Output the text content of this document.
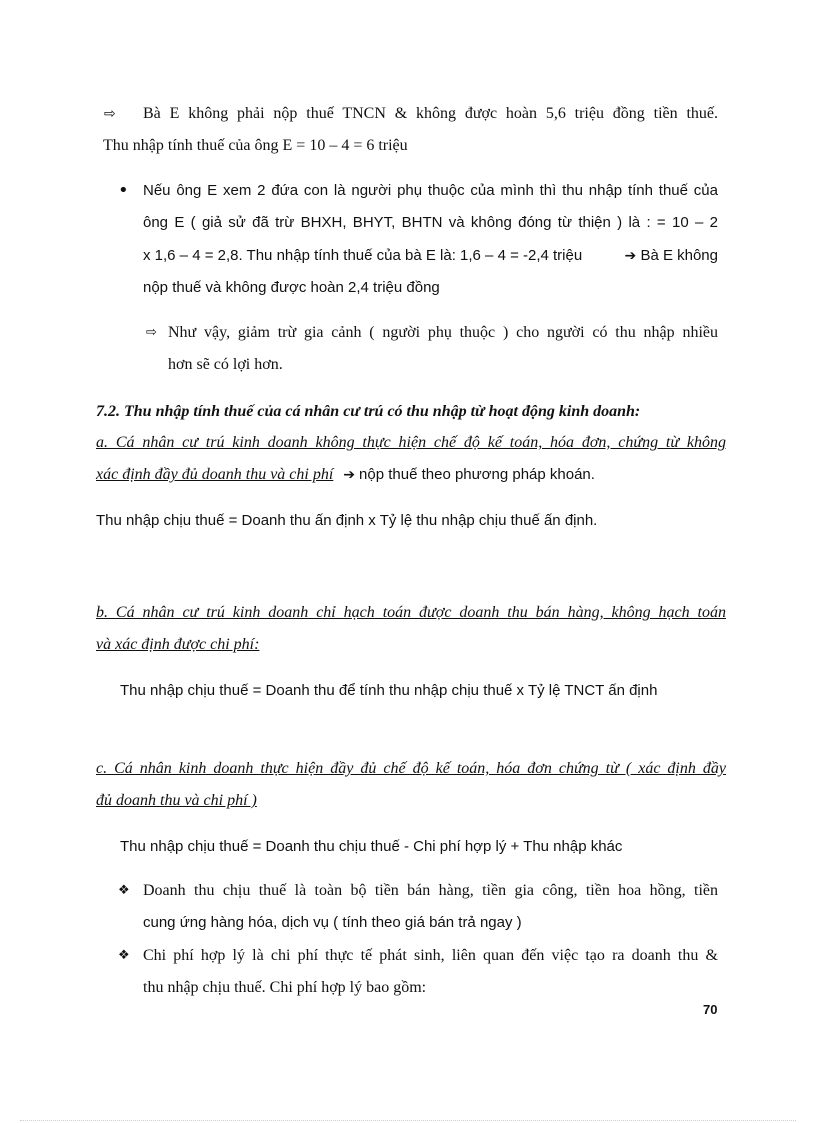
⇨ Bà E không phải nộp thuế TNCN & không được hoàn 5,6 triệu đồng tiền thuế.
Thu nhập tính thuế của ông E = 10 – 4 = 6 triệu
• Nếu ông E xem 2 đứa con là người phụ thuộc của mình thì thu nhập tính thuế của
ông E ( giả sử đã trừ BHXH, BHYT, BHTN và không đóng từ thiện ) là : = 10 – 2
x 1,6 – 4 = 2,8. Thu nhập tính thuế của bà E là: 1,6 – 4 = -2,4 triệu	➔ Bà E không
nộp thuế và không được hoàn 2,4 triệu đồng
⇨ Như vậy, giảm trừ gia cảnh ( người phụ thuộc ) cho người có thu nhập nhiều
hơn sẽ có lợi hơn.
7.2. Thu nhập tính thuế của cá nhân cư trú có thu nhập từ hoạt động kinh doanh:
a. Cá nhân cư trú kinh doanh không thực hiện chế độ kế toán, hóa đơn, chứng từ không
xác định đầy đủ doanh thu và chi phí ➔ nộp thuế theo phương pháp khoán.
Thu nhập chịu thuế = Doanh thu ấn định x Tỷ lệ thu nhập chịu thuế ấn định.
b. Cá nhân cư trú kinh doanh chỉ hạch toán được doanh thu bán hàng, không hạch toán
và xác định được chi phí:
Thu nhập chịu thuế = Doanh thu để tính thu nhập chịu thuế x Tỷ lệ TNCT ấn định
c. Cá nhân kinh doanh thực hiện đầy đủ chế độ kế toán, hóa đơn chứng từ ( xác định đầy
đủ doanh thu và chi phí )
Thu nhập chịu thuế = Doanh thu chịu thuế - Chi phí hợp lý + Thu nhập khác
❖ Doanh thu chịu thuế là toàn bộ tiền bán hàng, tiền gia công, tiền hoa hồng, tiền
cung ứng hàng hóa, dịch vụ ( tính theo giá bán trả ngay )
❖ Chi phí hợp lý là chi phí thực tế phát sinh, liên quan đến việc tạo ra doanh thu &
thu nhập chịu thuế. Chi phí hợp lý bao gồm:
70
